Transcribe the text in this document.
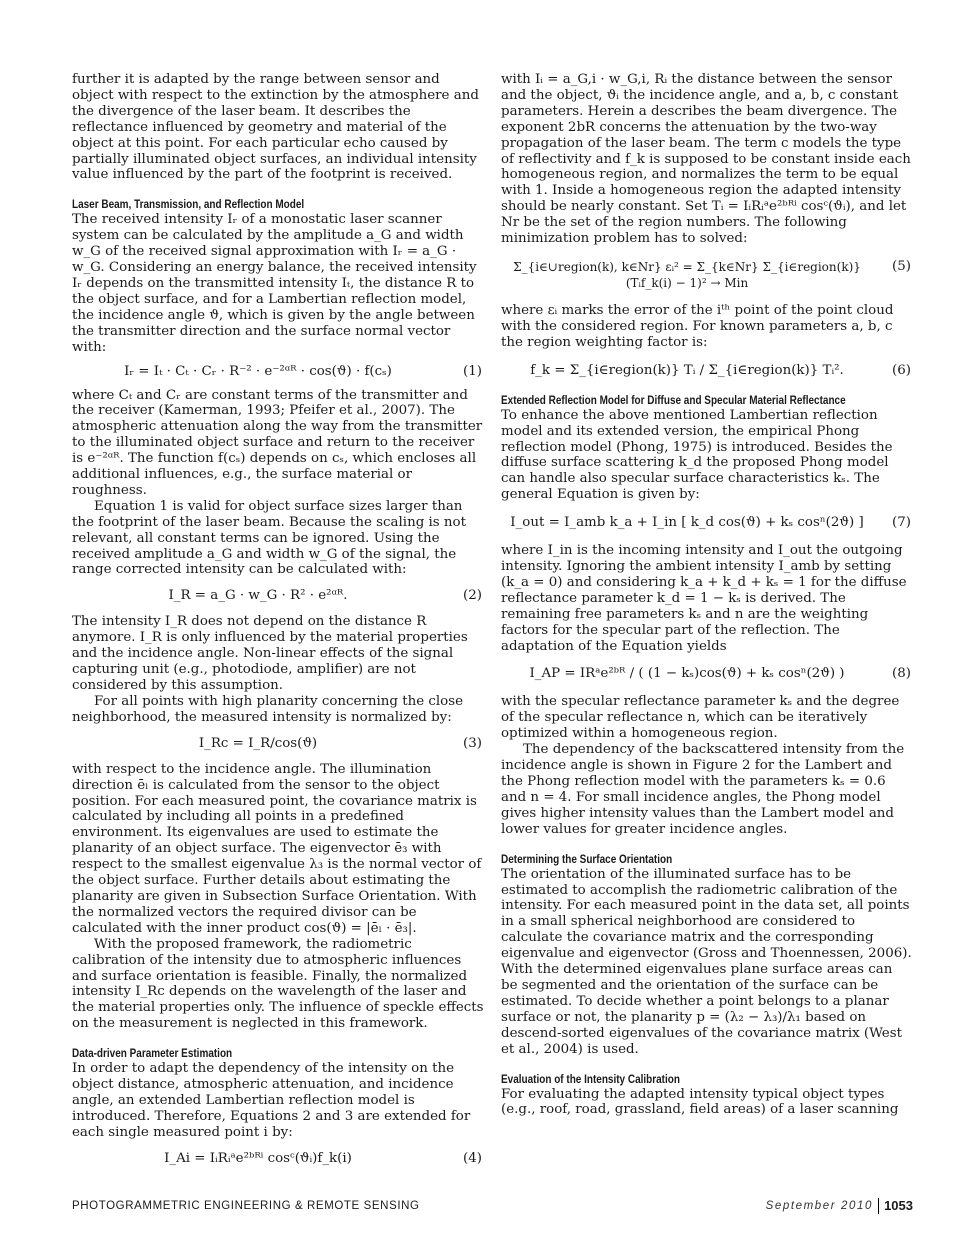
further it is adapted by the range between sensor and object with respect to the extinction by the atmosphere and the divergence of the laser beam. It describes the reflectance influenced by geometry and material of the object at this point. For each particular echo caused by partially illuminated object surfaces, an individual intensity value influenced by the part of the footprint is received.

Laser Beam, Transmission, and Reflection Model

The received intensity Iᵣ of a monostatic laser scanner system can be calculated by the amplitude a_G and width w_G of the received signal approximation with Iᵣ = a_G · w_G. Considering an energy balance, the received intensity Iᵣ depends on the transmitted intensity Iₜ, the distance R to the object surface, and for a Lambertian reflection model, the incidence angle ϑ, which is given by the angle between the transmitter direction and the surface normal vector with:

Iᵣ = Iₜ · Cₜ · Cᵣ · R⁻² · e⁻²ᵅᴿ · cos(ϑ) · f(cₛ)	(1)

where Cₜ and Cᵣ are constant terms of the transmitter and the receiver (Kamerman, 1993; Pfeifer et al., 2007). The atmospheric attenuation along the way from the transmitter to the illuminated object surface and return to the receiver is e⁻²ᵅᴿ. The function f(cₛ) depends on cₛ, which encloses all additional influences, e.g., the surface material or roughness.

Equation 1 is valid for object surface sizes larger than the footprint of the laser beam. Because the scaling is not relevant, all constant terms can be ignored. Using the received amplitude a_G and width w_G of the signal, the range corrected intensity can be calculated with:

I_R = a_G · w_G · R² · e²ᵅᴿ.	(2)

The intensity I_R does not depend on the distance R anymore. I_R is only influenced by the material properties and the incidence angle. Non-linear effects of the signal capturing unit (e.g., photodiode, amplifier) are not considered by this assumption.

For all points with high planarity concerning the close neighborhood, the measured intensity is normalized by:

I_Rc = I_R/cos(ϑ)	(3)

with respect to the incidence angle. The illumination direction ēₗ is calculated from the sensor to the object position. For each measured point, the covariance matrix is calculated by including all points in a predefined environment. Its eigenvalues are used to estimate the planarity of an object surface. The eigenvector ē₃ with respect to the smallest eigenvalue λ₃ is the normal vector of the object surface. Further details about estimating the planarity are given in Subsection Surface Orientation. With the normalized vectors the required divisor can be calculated with the inner product cos(ϑ) = |ēₗ · ē₃|.

With the proposed framework, the radiometric calibration of the intensity due to atmospheric influences and surface orientation is feasible. Finally, the normalized intensity I_Rc depends on the wavelength of the laser and the material properties only. The influence of speckle effects on the measurement is neglected in this framework.

Data-driven Parameter Estimation

In order to adapt the dependency of the intensity on the object distance, atmospheric attenuation, and incidence angle, an extended Lambertian reflection model is introduced. Therefore, Equations 2 and 3 are extended for each single measured point i by:

I_Ai = IᵢRᵢᵃe²ᵇᴿⁱ cosᶜ(ϑᵢ)f_k(i)	(4)

with Iᵢ = a_G,i · w_G,i, Rᵢ the distance between the sensor and the object, ϑᵢ the incidence angle, and a, b, c constant parameters. Herein a describes the beam divergence. The exponent 2bR concerns the attenuation by the two-way propagation of the laser beam. The term c models the type of reflectivity and f_k is supposed to be constant inside each homogeneous region, and normalizes the term to be equal with 1. Inside a homogeneous region the adapted intensity should be nearly constant. Set Tᵢ = IᵢRᵢᵃe²ᵇᴿⁱ cosᶜ(ϑᵢ), and let Nr be the set of the region numbers. The following minimization problem has to solved:

Σ_{i∈∪region(k), k∈Nr} εᵢ² = Σ_{k∈Nr} Σ_{i∈region(k)} (Tᵢf_k(i) − 1)² → Min
(5)

where εᵢ marks the error of the iᵗʰ point of the point cloud with the considered region. For known parameters a, b, c the region weighting factor is:

f_k = Σ_{i∈region(k)} Tᵢ / Σ_{i∈region(k)} Tᵢ².	(6)
Extended Reflection Model for Diffuse and Specular Material Reflectance

To enhance the above mentioned Lambertian reflection model and its extended version, the empirical Phong reflection model (Phong, 1975) is introduced. Besides the diffuse surface scattering k_d the proposed Phong model can handle also specular surface characteristics kₛ. The general Equation is given by:

I_out = I_amb k_a + I_in [ k_d cos(ϑ) + kₛ cosⁿ(2ϑ) ]	(7)

where I_in is the incoming intensity and I_out the outgoing intensity. Ignoring the ambient intensity I_amb by setting (k_a = 0) and considering k_a + k_d + kₛ = 1 for the diffuse reflectance parameter k_d = 1 − kₛ is derived. The remaining free parameters kₛ and n are the weighting factors for the specular part of the reflection. The adaptation of the Equation yields

I_AP = IRᵃe²ᵇᴿ / ( (1 − kₛ)cos(ϑ) + kₛ cosⁿ(2ϑ) )	(8)

with the specular reflectance parameter kₛ and the degree of the specular reflectance n, which can be iteratively optimized within a homogeneous region.

The dependency of the backscattered intensity from the incidence angle is shown in Figure 2 for the Lambert and the Phong reflection model with the parameters kₛ = 0.6 and n = 4. For small incidence angles, the Phong model gives higher intensity values than the Lambert model and lower values for greater incidence angles.

Determining the Surface Orientation

The orientation of the illuminated surface has to be estimated to accomplish the radiometric calibration of the intensity. For each measured point in the data set, all points in a small spherical neighborhood are considered to calculate the covariance matrix and the corresponding eigenvalue and eigenvector (Gross and Thoennessen, 2006). With the determined eigenvalues plane surface areas can be segmented and the orientation of the surface can be estimated. To decide whether a point belongs to a planar surface or not, the planarity p = (λ₂ − λ₃)/λ₁ based on descend-sorted eigenvalues of the covariance matrix (West et al., 2004) is used.

Evaluation of the Intensity Calibration

For evaluating the adapted intensity typical object types (e.g., roof, road, grassland, field areas) of a laser scanning

PHOTOGRAMMETRIC ENGINEERING & REMOTE SENSING	September 2010 1053
